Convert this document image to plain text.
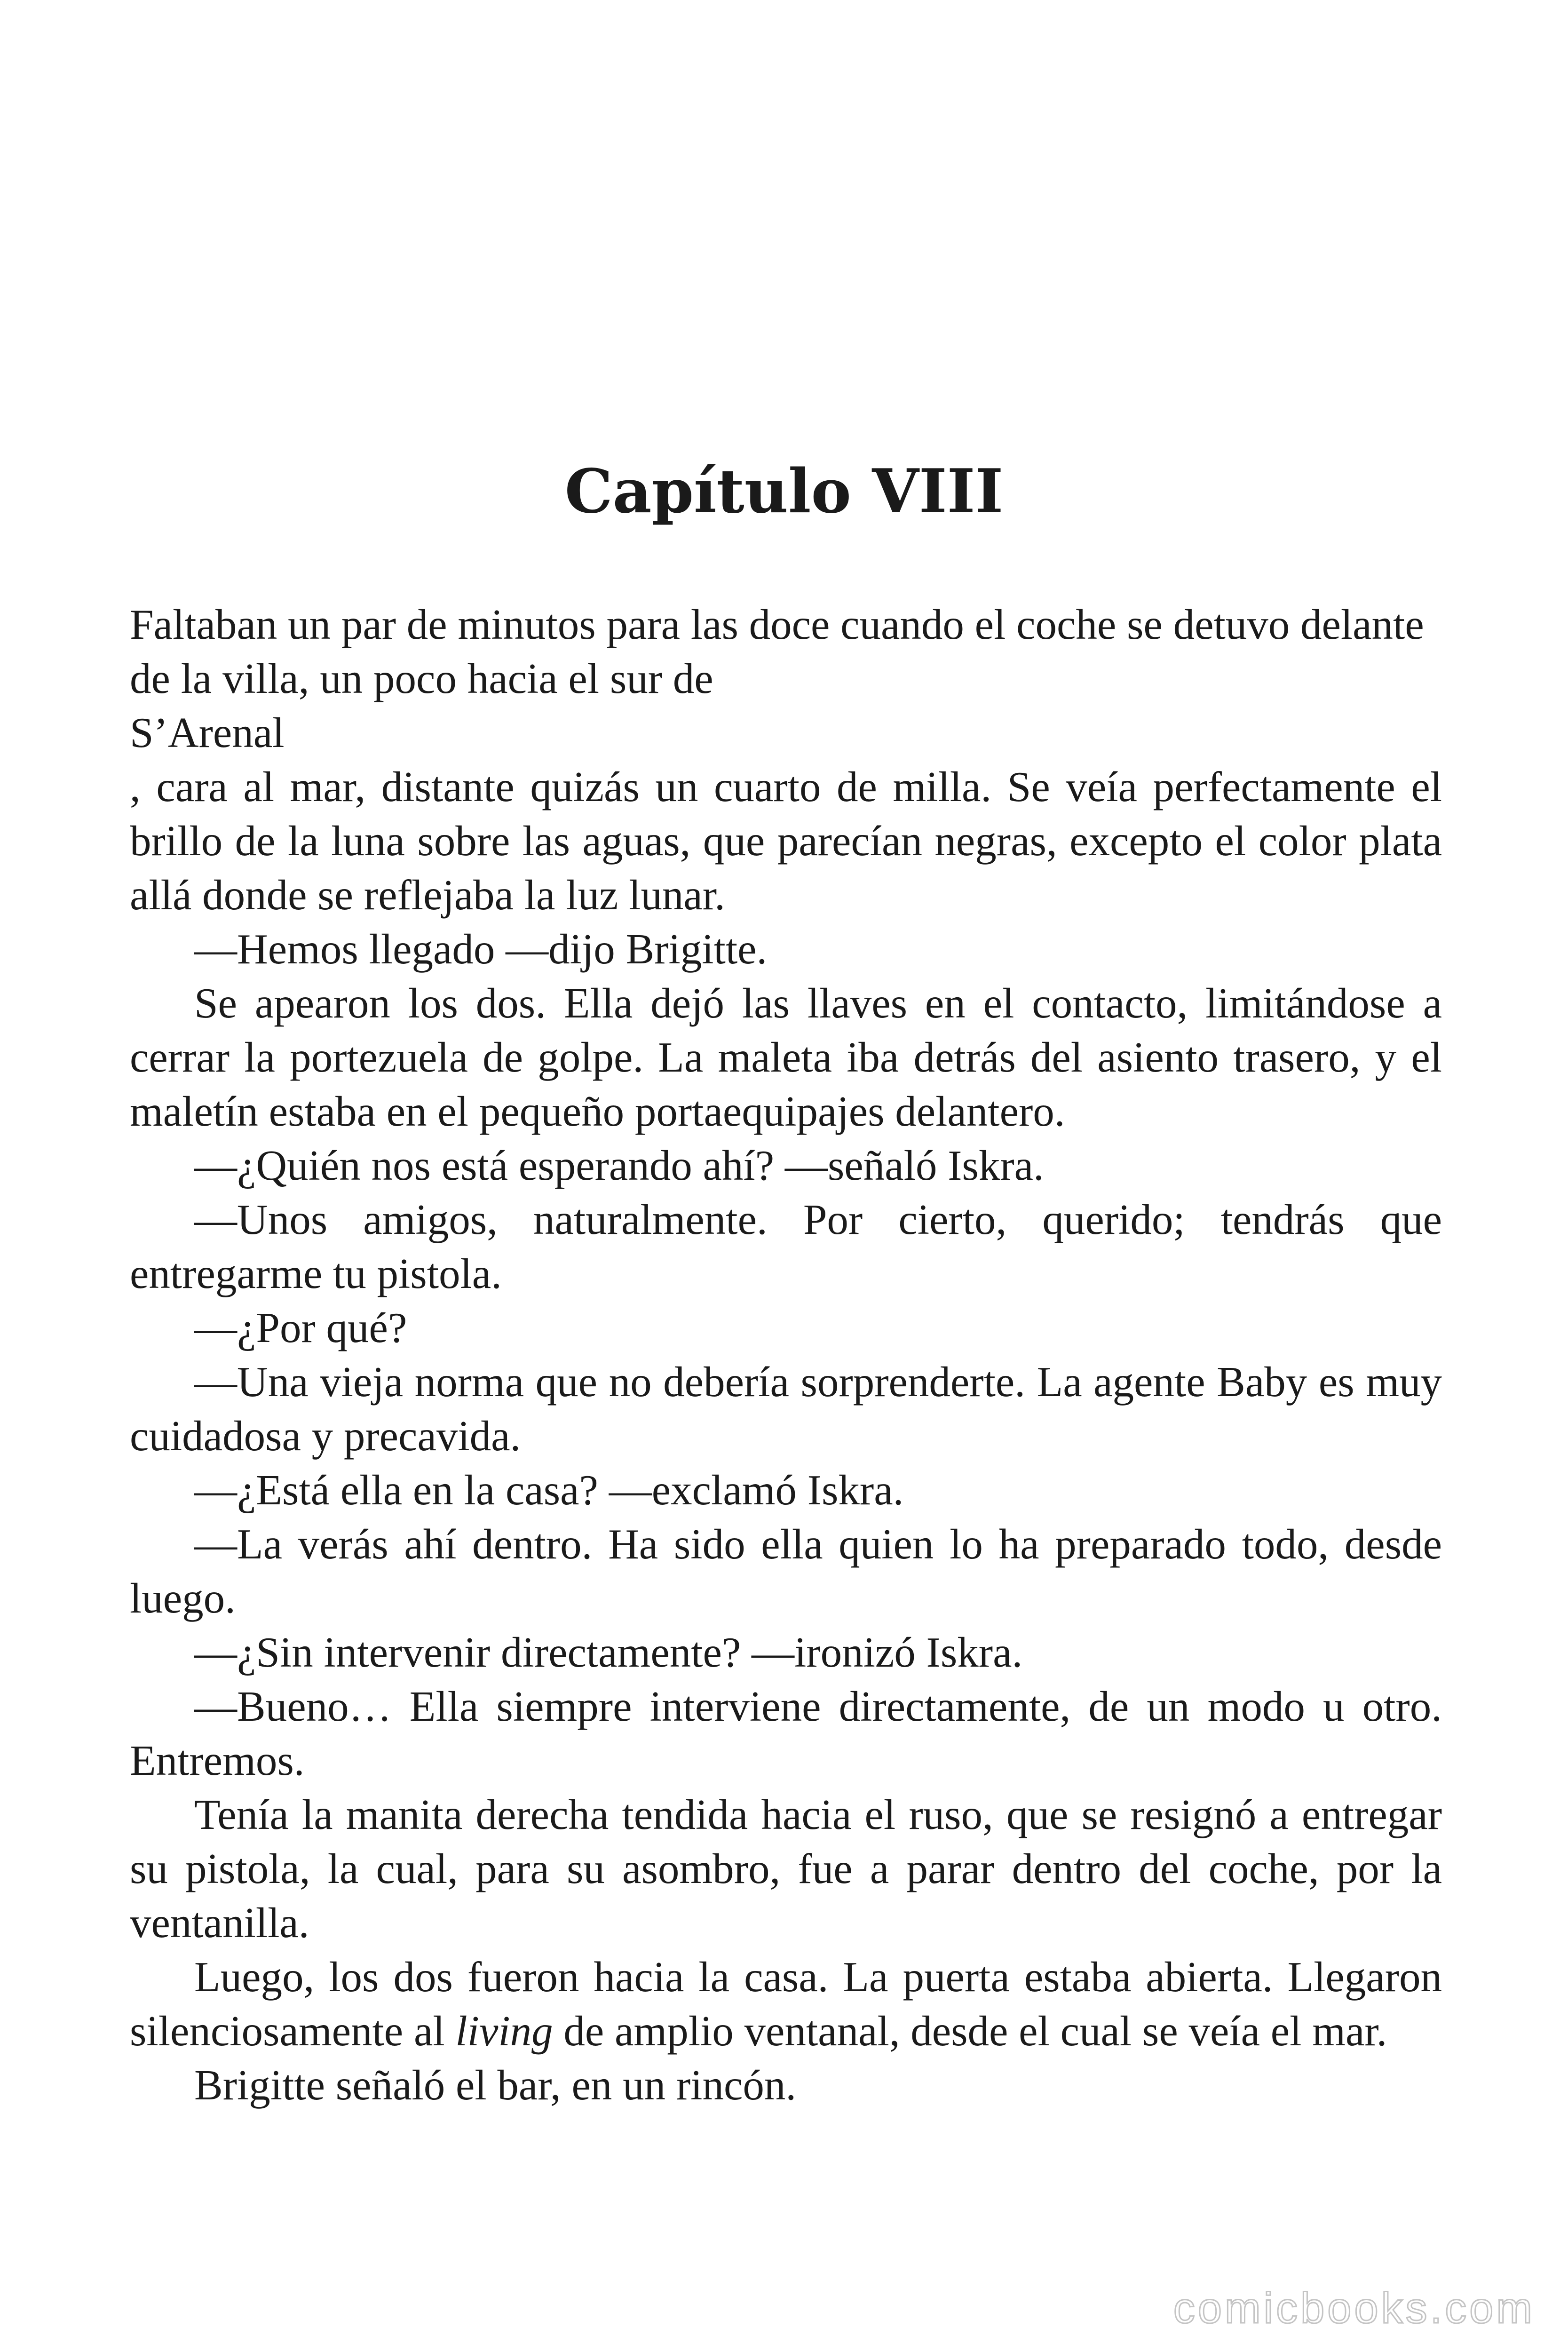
Capítulo VIII

Faltaban un par de minutos para las doce cuando el coche se detuvo delante de la villa, un poco hacia el sur de

S’Arenal

, cara al mar, distante quizás un cuarto de milla. Se veía perfectamente el brillo de la luna sobre las aguas, que parecían negras, excepto el color plata allá donde se reflejaba la luz lunar.

—Hemos llegado —dijo Brigitte.

Se apearon los dos. Ella dejó las llaves en el contacto, limitándose a cerrar la portezuela de golpe. La maleta iba detrás del asiento trasero, y el maletín estaba en el pequeño portaequipajes delantero.

—¿Quién nos está esperando ahí? —señaló Iskra.

—Unos amigos, naturalmente. Por cierto, querido; tendrás que entregarme tu pistola.

—¿Por qué?

—Una vieja norma que no debería sorprenderte. La agente Baby es muy cuidadosa y precavida.

—¿Está ella en la casa? —exclamó Iskra.

—La verás ahí dentro. Ha sido ella quien lo ha preparado todo, desde luego.

—¿Sin intervenir directamente? —ironizó Iskra.

—Bueno… Ella siempre interviene directamente, de un modo u otro. Entremos.

Tenía la manita derecha tendida hacia el ruso, que se resignó a entregar su pistola, la cual, para su asombro, fue a parar dentro del coche, por la ventanilla.

Luego, los dos fueron hacia la casa. La puerta estaba abierta. Llegaron silenciosamente al living de amplio ventanal, desde el cual se veía el mar.

Brigitte señaló el bar, en un rincón.

comicbooks.com
